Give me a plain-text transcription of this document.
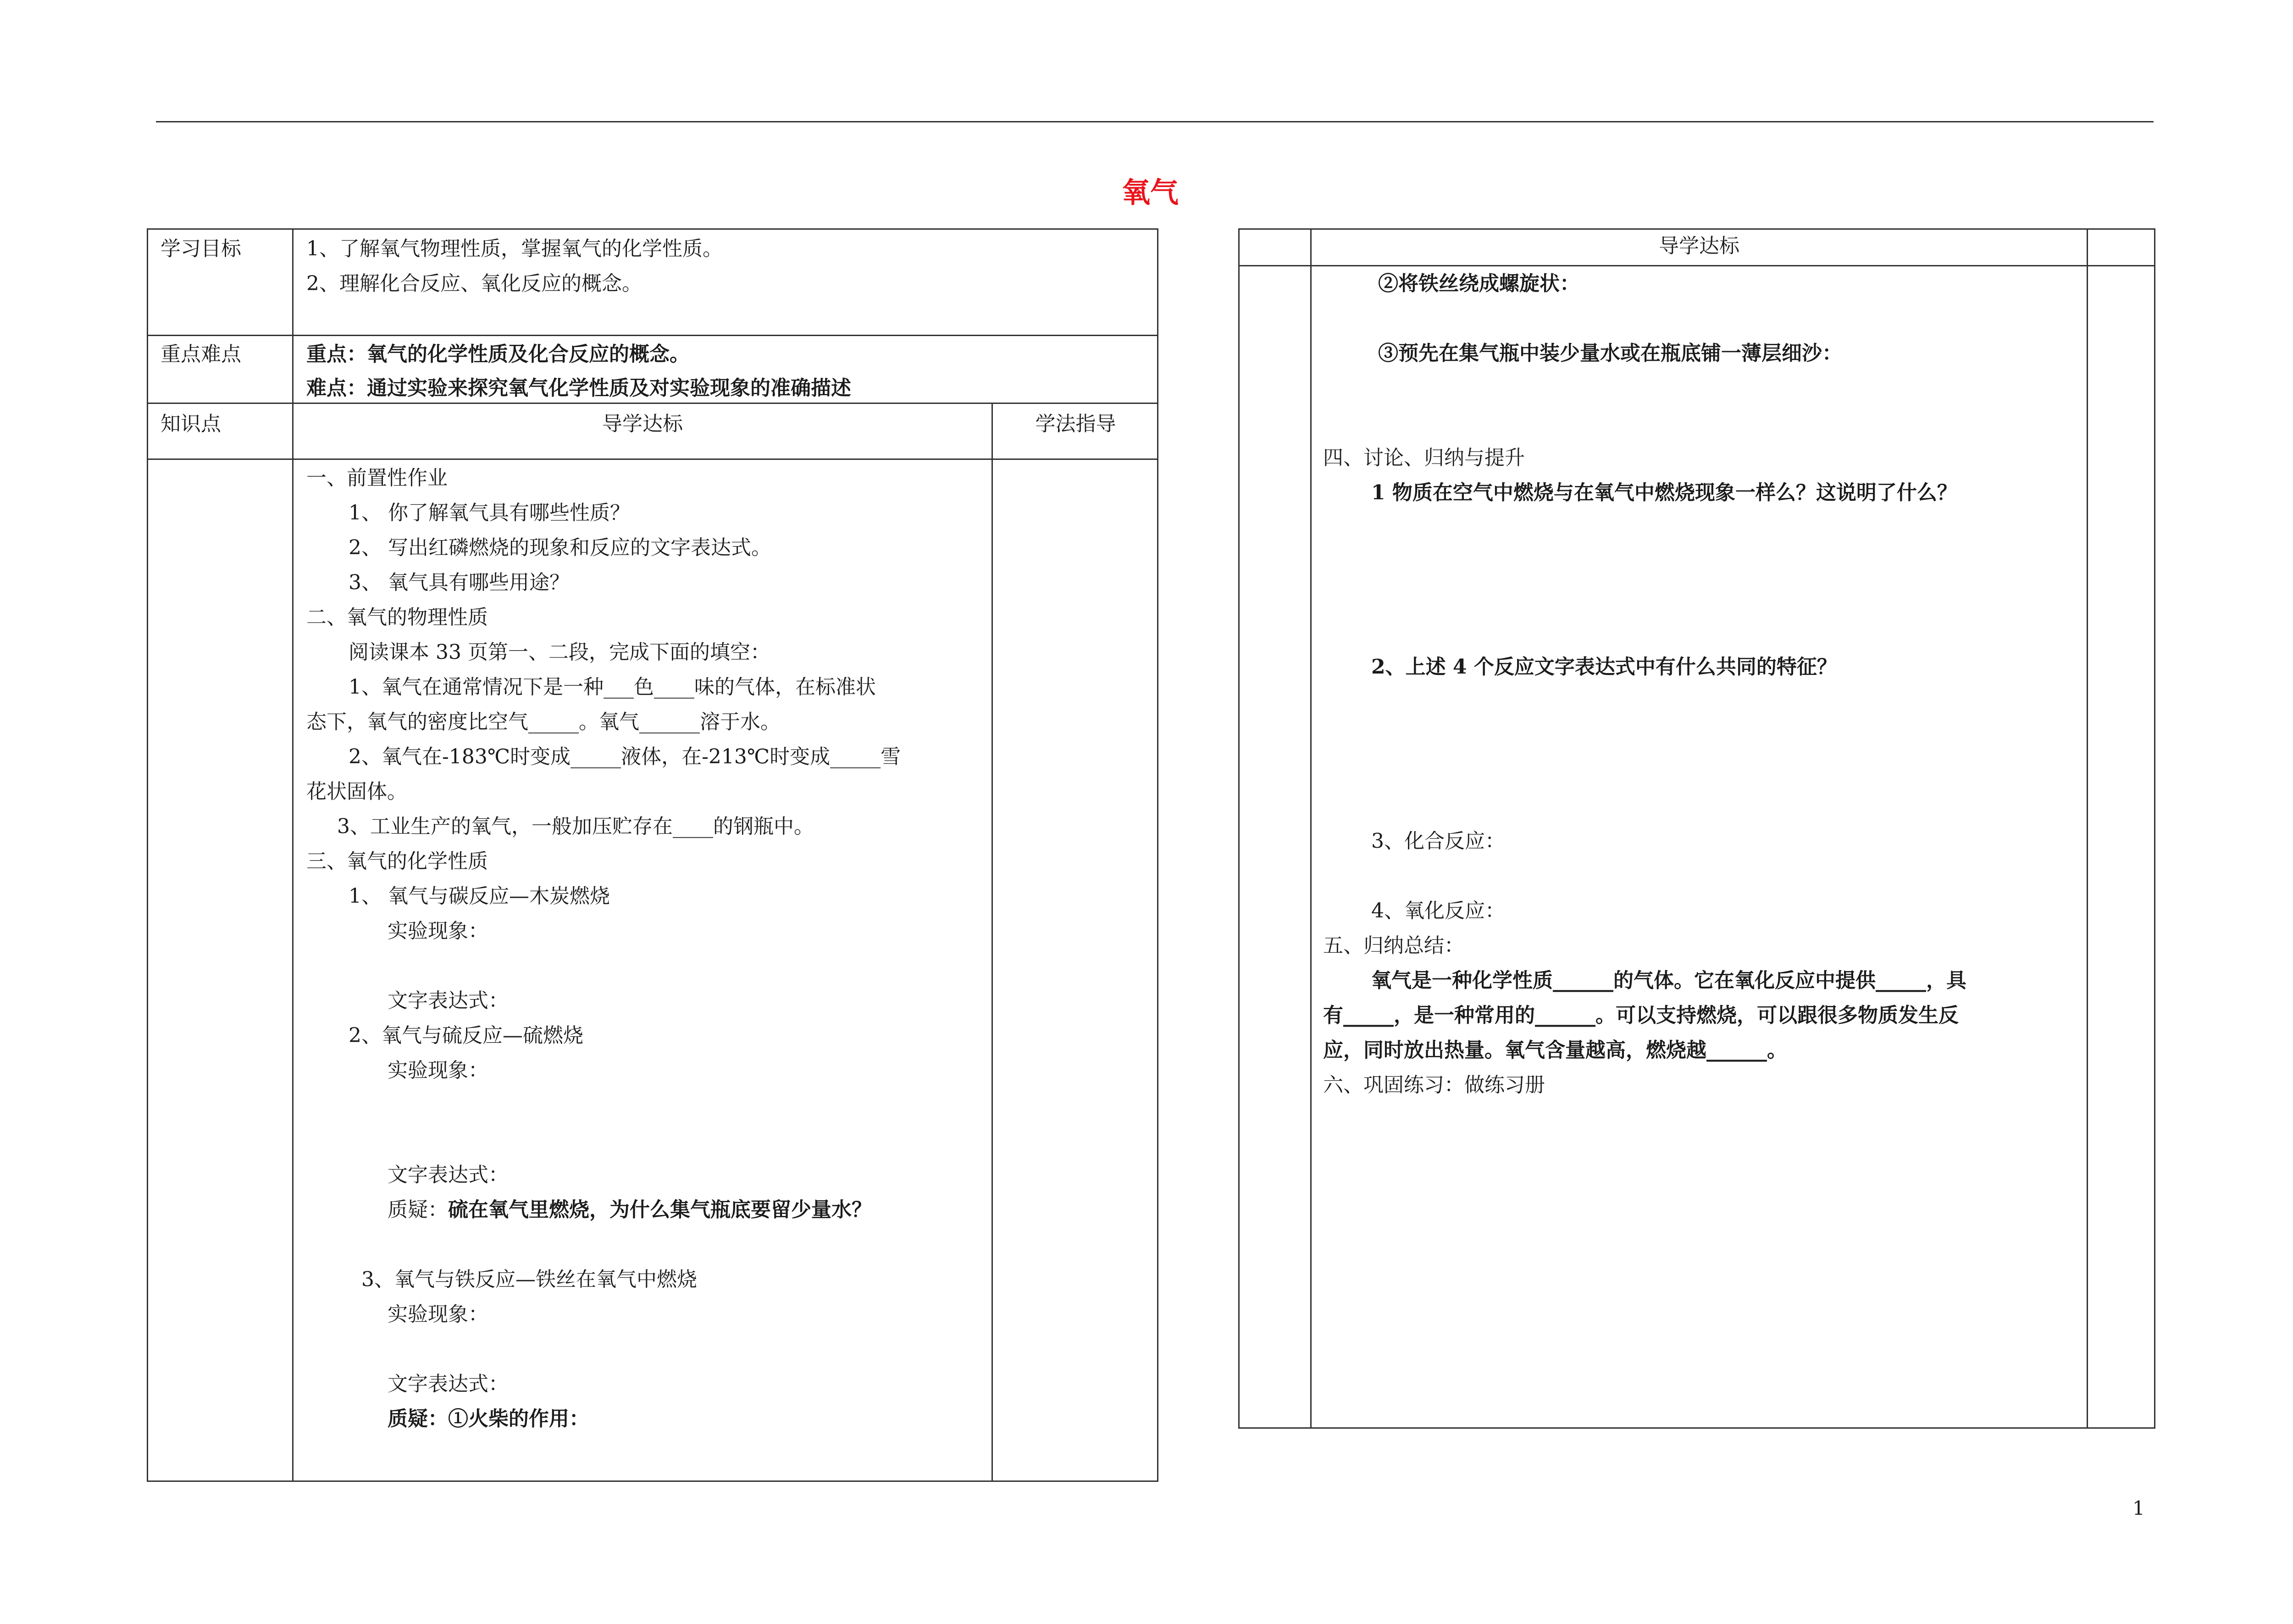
氧气
学习目标	1、了解氧气物理性质，掌握氧气的化学性质。
2、理解化合反应、氧化反应的概念。
重点难点	重点：氧气的化学性质及化合反应的概念。
难点：通过实验来探究氧气化学性质及对实验现象的准确描述
知识点	导学达标	学法指导
一、前置性作业
1、 你了解氧气具有哪些性质？
2、 写出红磷燃烧的现象和反应的文字表达式。
3、 氧气具有哪些用途？
二、氧气的物理性质
阅读课本 33 页第一、二段，完成下面的填空：
1、氧气在通常情况下是一种___色____味的气体，在标准状
态下，氧气的密度比空气_____。氧气______溶于水。
2、氧气在-183℃时变成_____液体，在-213℃时变成_____雪
花状固体。
3、工业生产的氧气，一般加压贮存在____的钢瓶中。
三、氧气的化学性质
1、 氧气与碳反应—木炭燃烧
实验现象：
文字表达式：
2、氧气与硫反应—硫燃烧
实验现象：
文字表达式：
质疑： 硫在氧气里燃烧，为什么集气瓶底要留少量水？
3、氧气与铁反应—铁丝在氧气中燃烧
实验现象：
文字表达式：
质疑：①火柴的作用：
导学达标
②将铁丝绕成螺旋状：
③预先在集气瓶中装少量水或在瓶底铺一薄层细沙：
四、讨论、归纳与提升
1 物质在空气中燃烧与在氧气中燃烧现象一样么？这说明了什么？
2、上述 4 个反应文字表达式中有什么共同的特征？
3、化合反应：
4、氧化反应：
五、归纳总结：
氧气是一种化学性质______的气体。它在氧化反应中提供_____，具
有_____，是一种常用的______。可以支持燃烧，可以跟很多物质发生反
应，同时放出热量。氧气含量越高，燃烧越______。
六、巩固练习：做练习册
1
